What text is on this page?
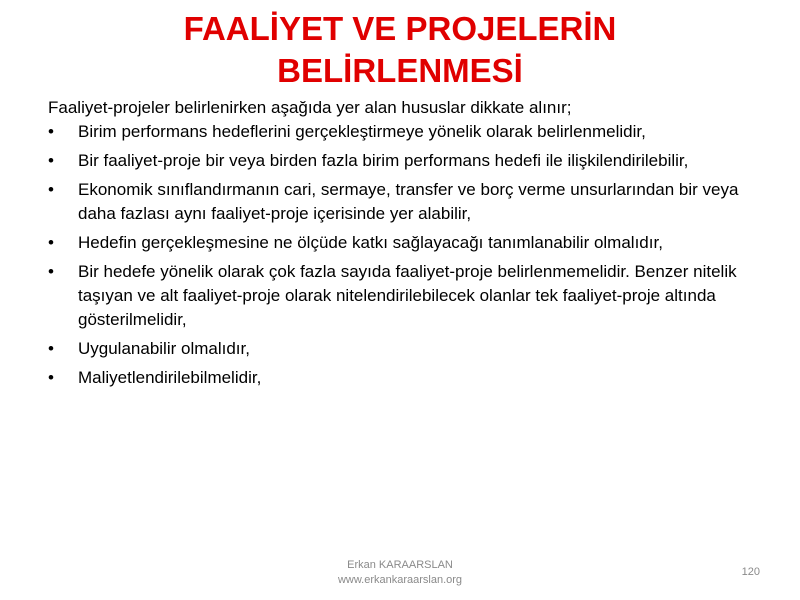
FAALİYET VE PROJELERİN
BELİRLENMESİ

Faaliyet-projeler belirlenirken aşağıda yer alan hususlar dikkate alınır;

• Birim performans hedeflerini gerçekleştirmeye yönelik olarak belirlenmelidir,
• Bir faaliyet-proje bir veya birden fazla birim performans hedefi ile ilişkilendirilebilir,
• Ekonomik sınıflandırmanın cari, sermaye, transfer ve borç verme unsurlarından bir veya daha fazlası aynı faaliyet-proje içerisinde yer alabilir,
• Hedefin gerçekleşmesine ne ölçüde katkı sağlayacağı tanımlanabilir olmalıdır,
• Bir hedefe yönelik olarak çok fazla sayıda faaliyet-proje belirlenmemelidir. Benzer nitelik taşıyan ve alt faaliyet-proje olarak nitelendirilebilecek olanlar tek faaliyet-proje altında gösterilmelidir,
• Uygulanabilir olmalıdır,
• Maliyetlendirilebilmelidir,
Erkan KARAARSLAN
www.erkankaraarslan.org
120
